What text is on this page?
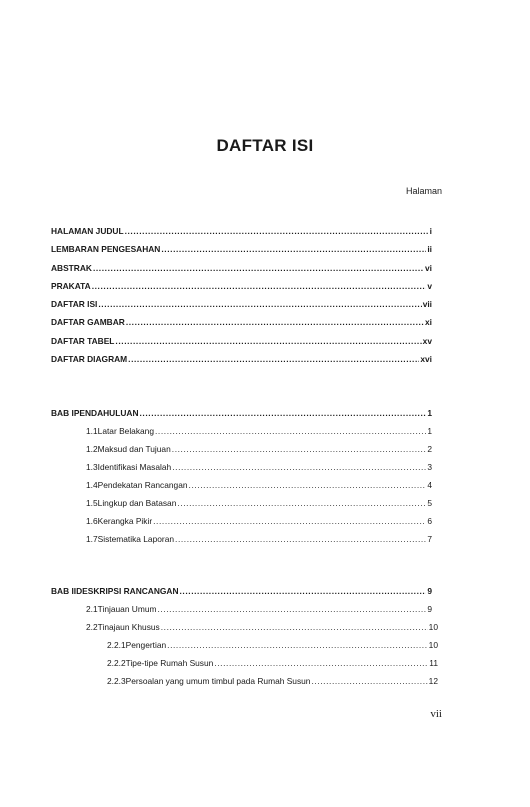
DAFTAR ISI
Halaman
HALAMAN JUDUL .....	i
LEMBARAN PENGESAHAN .....	ii
ABSTRAK .....	vi
PRAKATA .....	v
DAFTAR ISI .....	vii
DAFTAR GAMBAR .....	xi
DAFTAR TABEL .....	xv
DAFTAR DIAGRAM .....	xvi
BAB I PENDAHULUAN .....	1
1.1 Latar Belakang .....	1
1.2 Maksud dan Tujuan .....	2
1.3 Identifikasi Masalah .....	3
1.4 Pendekatan Rancangan .....	4
1.5 Lingkup dan Batasan .....	5
1.6 Kerangka Pikir .....	6
1.7 Sistematika Laporan .....	7
BAB II DESKRIPSI RANCANGAN .....	9
2.1 Tinjauan Umum .....	9
2.2 Tinajaun Khusus .....	10
2.2.1 Pengertian .....	10
2.2.2 Tipe-tipe Rumah Susun .....	11
2.2.3 Persoalan yang umum timbul pada Rumah Susun .....	12
vii
